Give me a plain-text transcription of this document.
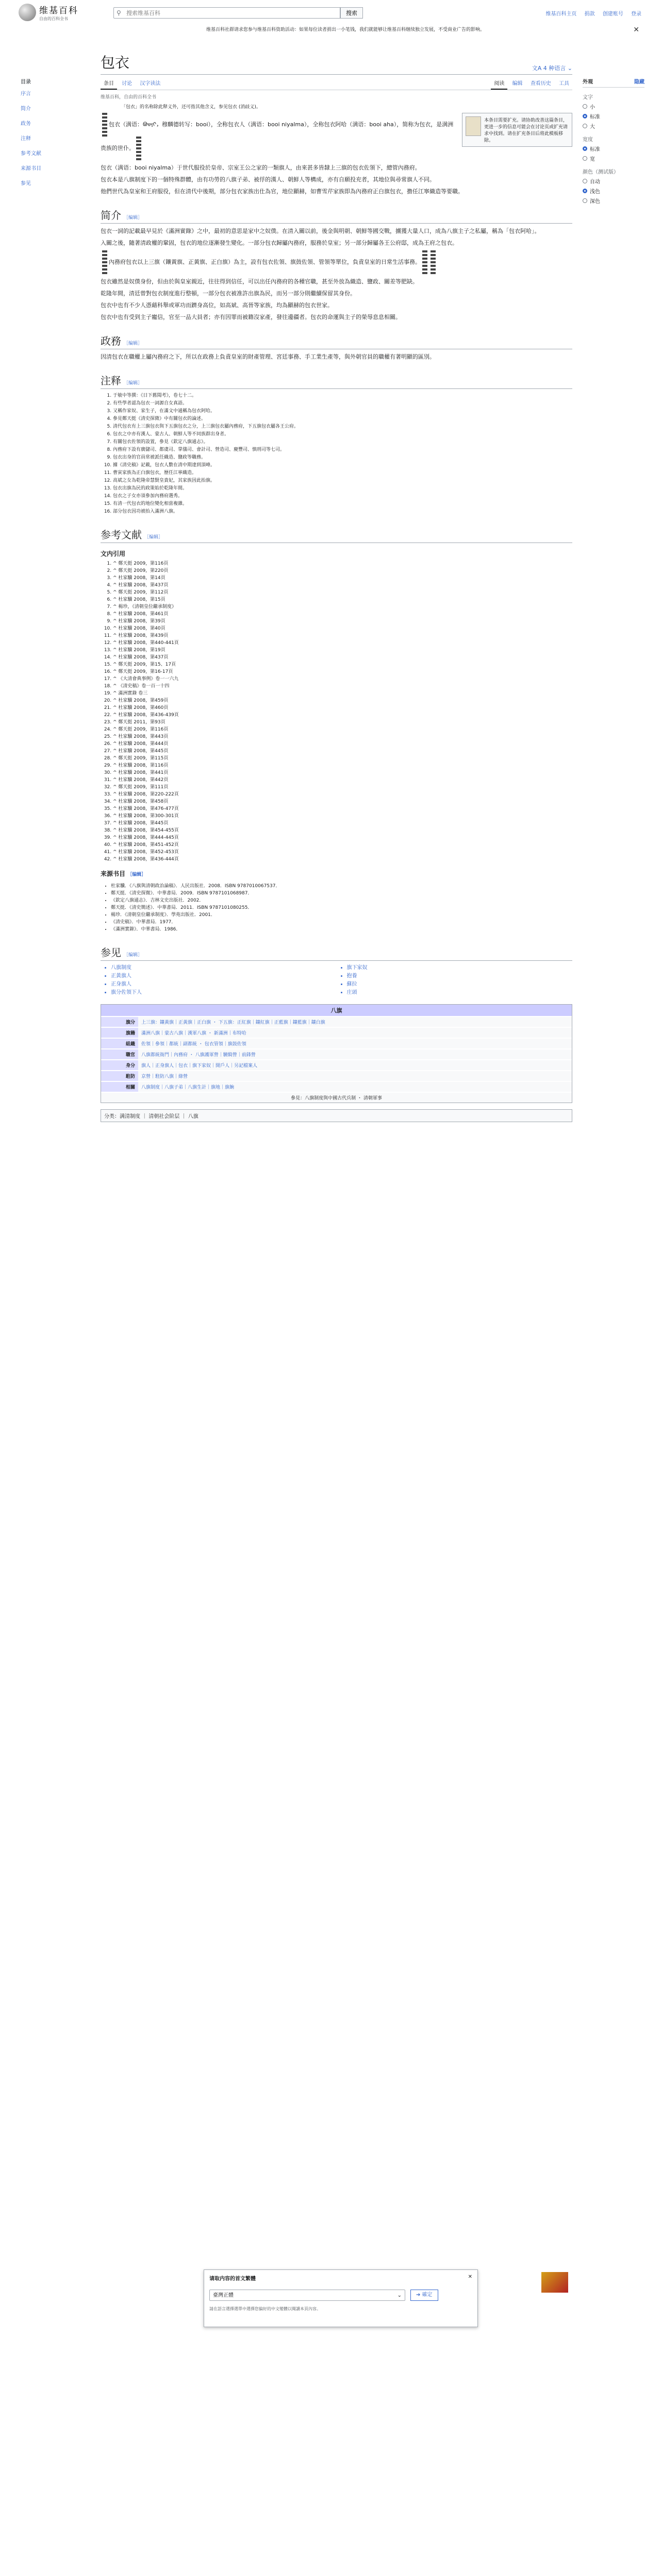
维基百科
自由的百科全书
⚲
搜索维基百科	搜索	维基百科主页 捐款 创建账号 登录
维基百科社群请求您参与维基百科资助活动：如果每位读者捐出一小笔钱，我们就能够让维基百科继续独立发展，不受商业广告的影响。	✕
目录
序言
简介
政务
注释
参考文献
来源书目
参见
外观	隐藏
文字
小
标准
大
宽度
标准
宽
颜色（测试版）
自动
浅色
深色
包衣	文A 4 种语言 ⌄
条目 讨论 汉字读法	阅读 编辑 查看历史 工具
维基百科，自由的百科全书
「包衣」的名称除此释义外，还可指其他含义，参见包衣 (消歧义)。
本条目需要扩充。请协助改善这篇条目，更进一步的信息可能会在讨论页或扩充请求中找到。请在扩充条目后将此模板移除。

包衣（满语：ᠪᠣᠣᠶᡳ，穆麟德转写：booi），全称包衣人（满语：booi niyalma），全称包衣阿哈（满语：booi aha），简称为包衣，是满洲贵族的世仆。

包衣（满语：booi niyalma）于世代服役於皇帝、宗室王公之家的一類旗人，由來甚多皆隸上三旗的包衣佐領下，總管內務府。

包衣本是八旗制度下的一個特殊群體，由有功勞的八旗子弟、被俘的漢人、朝鮮人等構成，亦有自願投充者，其地位與尋常旗人不同。

他們世代為皇室和王府服役，但在清代中後期，部分包衣家族出仕為官，地位顯赫，如曹雪芹家族即為內務府正白旗包衣，擔任江寧織造等要職。

简介 ［编辑］

包衣一詞的記載最早見於《滿洲實錄》之中，最初的意思是家中之奴僕。在清入關以前，後金與明朝、朝鮮等國交戰，擄獲大量人口，成為八旗主子之私屬，稱為「包衣阿哈」。

入關之後，隨著清政權的鞏固，包衣的地位逐漸發生變化。一部分包衣歸屬內務府，服務於皇室；另一部分歸屬各王公府邸，成為王府之包衣。

內務府包衣以上三旗（鑲黃旗、正黃旗、正白旗）為主，設有包衣佐領、旗鼓佐領、管領等單位，負責皇室的日常生活事務。

包衣雖然是奴僕身份，但由於與皇室親近，往往得到信任，可以出任內務府的各種官職，甚至外放為織造、鹽政、關差等肥缺。

乾隆年間，清廷曾對包衣制度進行整頓，一部分包衣被准許出旗為民，而另一部分則繼續保留其身份。

包衣中也有不少人憑藉科舉或軍功而躋身高位，如高斌、高晉等家族，均為顯赫的包衣世家。

包衣中也有受到主子寵信，官至一品大員者；亦有因罪而被籍沒家產，發往邊疆者。包衣的命運與主子的榮辱息息相關。

政務 ［编辑］

因清包衣在職權上屬內務府之下，所以在政務上負責皇室的財產管理、宮廷事務、手工業生產等，與外朝官員的職權有著明顯的區別。

注释 ［编辑］
1. 于敏中等撰：《日下舊聞考》，卷七十二。
2. 有些學者認為包衣一詞源自女真語。
3. 又稱作家奴、家生子，在滿文中通稱為包衣阿哈。
4. 參見鄭天挺《清史探微》中有關包衣的論述。
5. 清代包衣有上三旗包衣與下五旗包衣之分，上三旗包衣屬內務府，下五旗包衣屬各王公府。
6. 包衣之中亦有漢人、蒙古人、朝鮮人等不同族群出身者。
7. 有關包衣佐領的設置，參見《欽定八旗通志》。
8. 內務府下設有廣儲司、都虞司、掌儀司、會計司、營造司、慶豐司、慎刑司等七司。
9. 包衣出身的官員常被派任織造、鹽政等職務。
10. 據《清史稿》記載，包衣人數在清中期達到頂峰。
11. 曹寅家族為正白旗包衣，歷任江寧織造。
12. 高斌之女為乾隆帝慧賢皇貴妃，其家族因此抬旗。
13. 包衣出旗為民的政策始於乾隆年間。
14. 包衣之子女亦須參加內務府選秀。
15. 有清一代包衣的地位變化相當複雜。
16. 部分包衣因功被抬入滿洲八旗。
参考文献 ［编辑］
文内引用
1. ^ 鄭天挺 2009，第116頁
2. ^ 鄭天挺 2009，第220頁
3. ^ 杜家驥 2008，第14頁
4. ^ 杜家驥 2008，第437頁
5. ^ 鄭天挺 2009，第112頁
6. ^ 杜家驥 2008，第15頁
7. ^ 楊珍，《清朝皇位繼承制度》
8. ^ 杜家驥 2008，第461頁
9. ^ 杜家驥 2008，第39頁
10. ^ 杜家驥 2008，第40頁
11. ^ 杜家驥 2008，第439頁
12. ^ 杜家驥 2008，第440-441頁
13. ^ 杜家驥 2008，第19頁
14. ^ 杜家驥 2008，第437頁
15. ^ 鄭天挺 2009，第15、17頁
16. ^ 鄭天挺 2009，第16-17頁
17. ^ 《大清會典事例》卷一一六九
18. ^ 《清史稿》卷一百一十四
19. ^ 滿洲實錄 卷三
20. ^ 杜家驥 2008，第459頁
21. ^ 杜家驥 2008，第460頁
22. ^ 杜家驥 2008，第436-439頁
23. ^ 鄭天挺 2011，第93頁
24. ^ 鄭天挺 2009，第116頁
25. ^ 杜家驥 2008，第443頁
26. ^ 杜家驥 2008，第444頁
27. ^ 杜家驥 2008，第445頁
28. ^ 鄭天挺 2009，第115頁
29. ^ 杜家驥 2008，第116頁
30. ^ 杜家驥 2008，第441頁
31. ^ 杜家驥 2008，第442頁
32. ^ 鄭天挺 2009，第111頁
33. ^ 杜家驥 2008，第220-222頁
34. ^ 杜家驥 2008，第458頁
35. ^ 杜家驥 2008，第476-477頁
36. ^ 杜家驥 2008，第300-301頁
37. ^ 杜家驥 2008，第445頁
38. ^ 杜家驥 2008，第454-455頁
39. ^ 杜家驥 2008，第444-445頁
40. ^ 杜家驥 2008，第451-452頁
41. ^ 杜家驥 2008，第452-453頁
42. ^ 杜家驥 2008，第436-444頁
来源书目 ［编辑］
• 杜家驥．《八旗與清朝政治論稿》．人民出版社．2008．ISBN 9787010067537．
• 鄭天挺．《清史探微》．中華書局．2009．ISBN 9787101068987．
• 《欽定八旗通志》．吉林文史出版社．2002．
• 鄭天挺．《清史簡述》．中華書局．2011．ISBN 9787101080255．
• 楊珍．《清朝皇位繼承制度》．學苑出版社．2001．
• 《清史稿》．中華書局．1977．
• 《滿洲實錄》．中華書局．1986．
参见 ［编辑］
• 八旗制度
• 正黃旗人
• 正身旗人
• 旗分佐領下人
• 旗下家奴
• 抱養
• 蘇拉
• 庄頭
八旗
旗分	上三旗：鑲黃旗｜正黃旗｜正白旗 ・ 下五旗：正紅旗｜鑲紅旗｜正藍旗｜鑲藍旗｜鑲白旗
旗籍	滿洲八旗｜蒙古八旗｜漢軍八旗 ・ 新滿洲｜布特哈
組織	佐領｜參領｜都統｜副都統 ・ 包衣管領｜旗鼓佐領
職官	八旗都統衙門｜內務府 ・ 八旗護軍營｜驍騎營｜前鋒營
身分	旗人｜正身旗人｜包衣｜旗下家奴｜開戶人｜另記檔案人
駐防	京營｜駐防八旗｜綠營
相關	八旗制度｜八旗子弟｜八旗生計｜旗地｜旗餉
參見：八旗制度與中國古代兵制 ・ 清朝軍事
分类：满清制度 ｜ 清朝社会阶层 ｜ 八旗
请取内容的首文繁體	✕
臺灣正體	⌄	➔ 確定
請在語言選擇選單中選擇您偏好的中文變體以閱讀本頁內容。
